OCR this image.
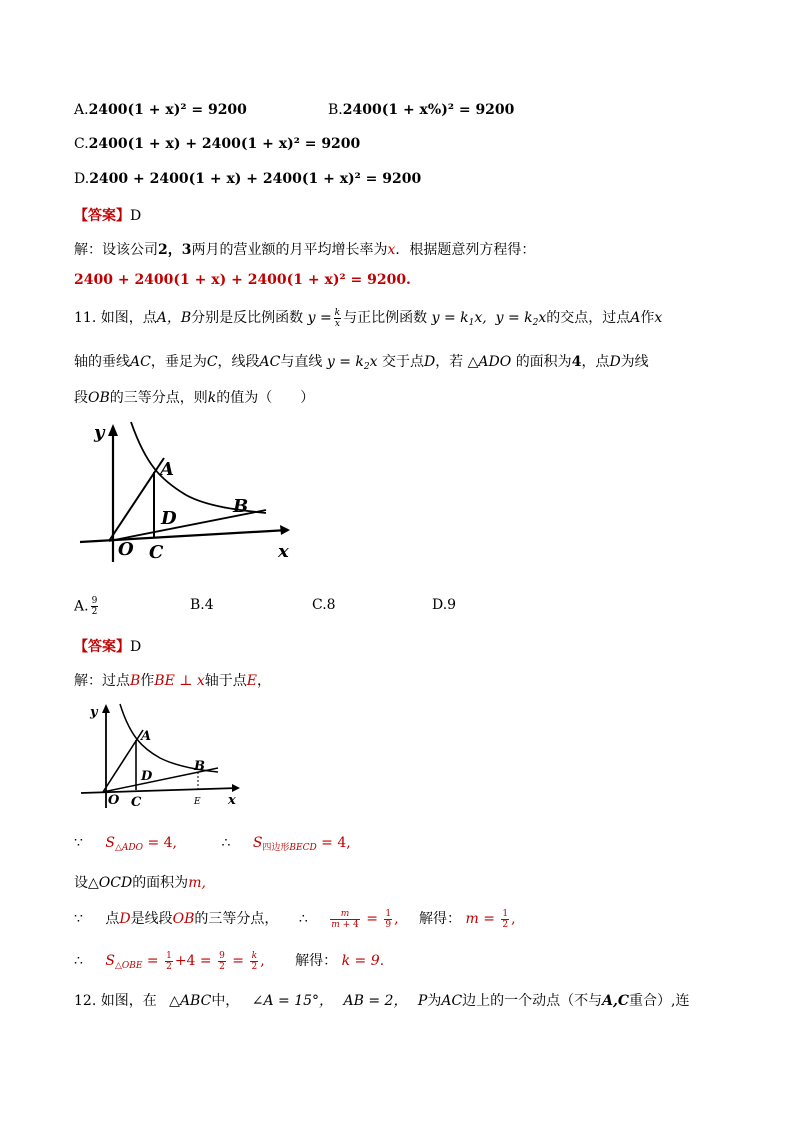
A.2400(1 + x)² = 9200	B.2400(1 + x%)² = 9200
C.2400(1 + x) + 2400(1 + x)² = 9200
D.2400 + 2400(1 + x) + 2400(1 + x)² = 9200
【答案】D
解：设该公司2，3两月的营业额的月平均增长率为x．根据题意列方程得：
2400 + 2400(1 + x) + 2400(1 + x)² = 9200.
11. 如图，点A，B分别是反比例函数 $y = \frac{k}{x}$ 与正比例函数 $y = k_1x$,  $y = k_2x$的交点，过点A作x
轴的垂线AC，垂足为C，线段AC与直线 $y = k_2x$ 交于点D，若 △ADO 的面积为4，点D为线
段OB的三等分点，则k的值为（　　）
y
x
O
A
B
C
D
A. $\frac{9}{2}$	B.4	C.8	D.9
【答案】D
解：过点B作BE ⊥ x轴于点E，
y
x
O
A
B
C
D
E
∵ $S_{\triangle ADO} = 4$,	∴ $S_{四边形BECD} = 4$,
设△OCD的面积为m,
∵ 点D是线段OB的三等分点， ∴ $\frac{m}{m + 4} = \frac{1}{9}$ , 解得： $m = \frac{1}{2}$ ,
∴ $S_{\triangle OBE} = \frac{1}{2} +4 = \frac{9}{2} = \frac{k}{2}$ , 解得： k = 9.
12. 如图，在 △ABC中， ∠A = 15°， AB = 2， P为AC边上的一个动点（不与A,C重合）,连
